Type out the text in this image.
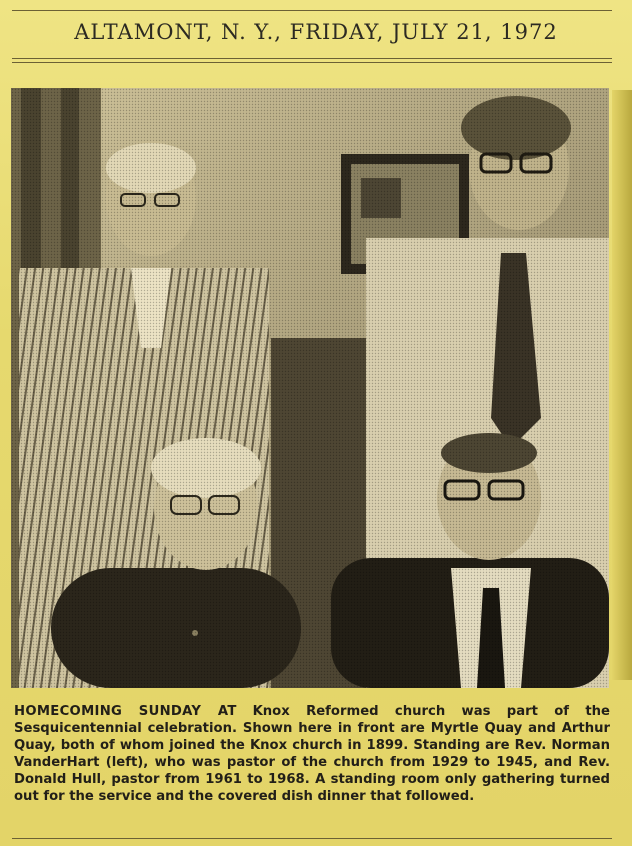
ALTAMONT, N. Y., FRIDAY, JULY 21, 1972

HOMECOMING SUNDAY AT Knox Reformed church was part of the Sesquicentennial celebration. Shown here in front are Myrtle Quay and Arthur Quay, both of whom joined the Knox church in 1899. Standing are Rev. Norman VanderHart (left), who was pastor of the church from 1929 to 1945, and Rev. Donald Hull, pastor from 1961 to 1968. A standing room only gathering turned out for the service and the covered dish dinner that followed.
